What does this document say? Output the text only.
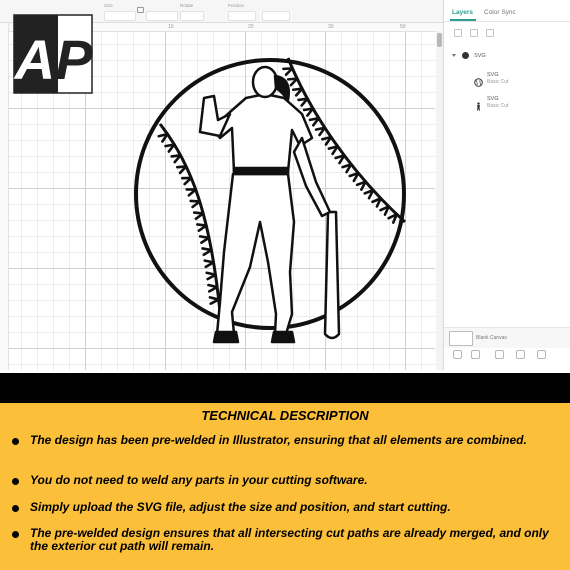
Size	Rotate	Position
10	20	30	50
A P
Layers Color Sync
SVG
SVG
Basic Cut
SVG
Basic Cut
Blank Canvas
TECHNICAL DESCRIPTION
The design has been pre-welded in Illustrator, ensuring that all elements are combined.
You do not need to weld any parts in your cutting software.
Simply upload the SVG file, adjust the size and position, and start cutting.
The pre-welded design ensures that all intersecting cut paths are already merged, and only the exterior cut path will remain.
